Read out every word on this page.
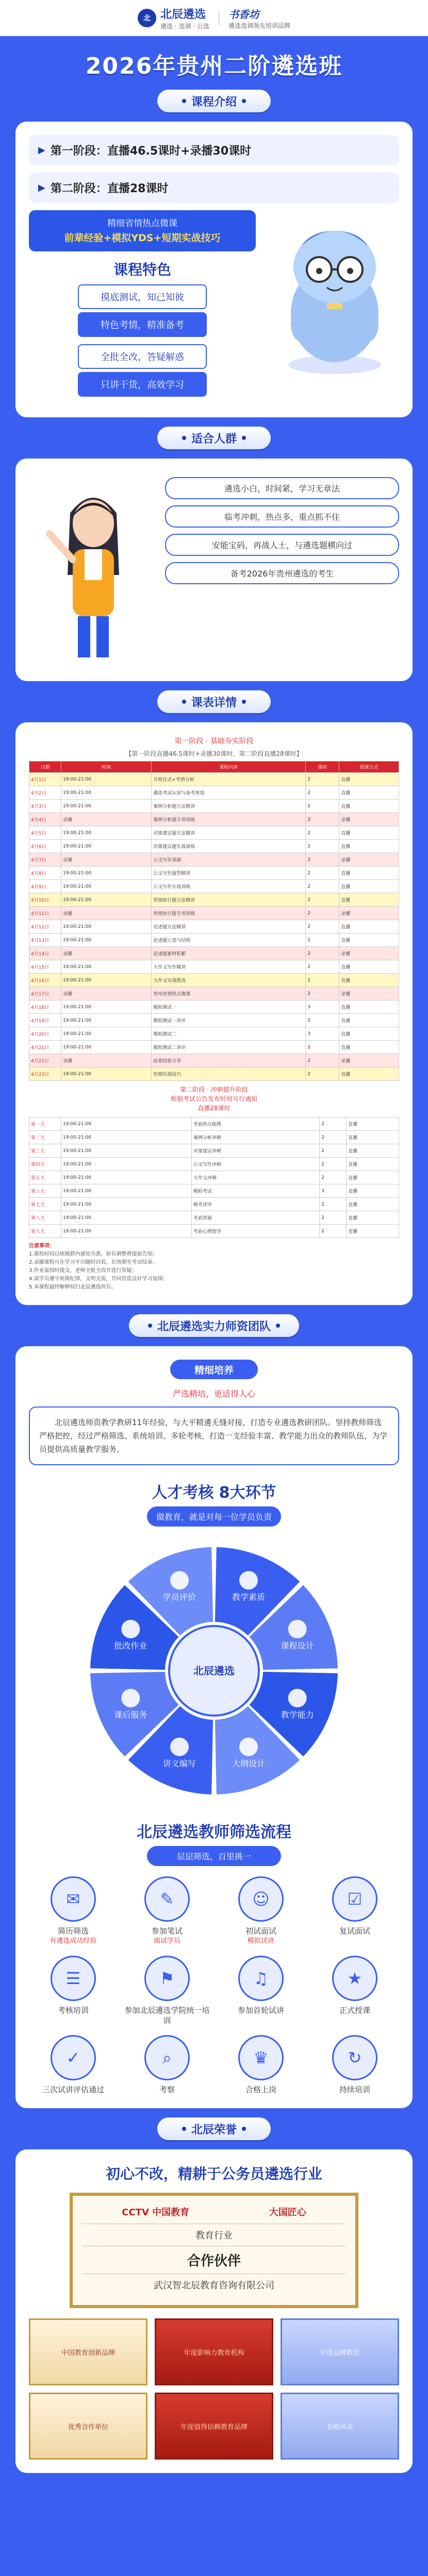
北 北辰遴选
遴选 · 选调 · 公选
书香坊
遴选选调领先培训品牌
2026年贵州二阶遴选班
课程介绍
▶ 第一阶段：直播46.5课时+录播30课时
▶ 第二阶段：直播28课时
精细省情热点微课
前辈经验+模拟YDS+短期实战技巧
课程特色
摸底测试，知己知彼
特色考情，精准备考
全批全改，答疑解惑
只讲干货，高效学习
适合人群
遴选小白，时间紧，学习无章法
临考冲刺，热点多，重点抓不住
安能宝码，再战人士，与遴选题横向过
备考2026年贵州遴选的考生
课表详情
第一阶段 · 基础夯实阶段
【第一阶段直播46.5课时+录播30课时，第二阶段直播28课时】
日期	时间	课程内容	课时	授课方式
4月1日	19:00-21:00	开班仪式+考情分析	2	直播
4月2日	19:00-21:00	遴选考试认知与备考规划	2	直播
4月3日	19:00-21:00	案例分析题方法精讲	2	直播
4月4日	录播	案例分析题专项训练	2	录播
4月5日	19:00-21:00	对策建议题方法精讲	2	直播
4月6日	19:00-21:00	对策建议题实战演练	2	直播
4月7日	录播	公文写作基础	2	录播
4月8日	19:00-21:00	公文写作题型精讲	2	直播
4月9日	19:00-21:00	公文写作实战训练	2	直播
4月10日	19:00-21:00	贯彻执行题方法精讲	2	直播
4月11日	录播	贯彻执行题专项训练	2	录播
4月12日	19:00-21:00	论述题方法精讲	2	直播
4月13日	19:00-21:00	论述题立意与结构	2	直播
4月14日	录播	论述题素材积累	2	录播
4月15日	19:00-21:00	大作文写作精讲	2	直播
4月16日	19:00-21:00	大作文实战批改	2	直播
4月17日	录播	贵州省情热点微课	2	录播
4月18日	19:00-21:00	模拟测试一	3	直播
4月19日	19:00-21:00	模拟测试一讲评	2	直播
4月20日	19:00-21:00	模拟测试二	3	直播
4月21日	19:00-21:00	模拟测试二讲评	2	直播
4月22日	录播	前辈经验分享	2	录播
4月23日	19:00-21:00	短期实战技巧	2	直播
第二阶段 · 冲刺提升阶段
根据考试公告发布时间另行通知
直播28课时
第一天	19:00-21:00	考前热点梳理	2	直播
第二天	19:00-21:00	案例分析冲刺	2	直播
第三天	19:00-21:00	对策建议冲刺	2	直播
第四天	19:00-21:00	公文写作冲刺	2	直播
第五天	19:00-21:00	大作文冲刺	2	直播
第六天	19:00-21:00	模拟考试	3	直播
第七天	19:00-21:00	模考讲评	2	直播
第八天	19:00-21:00	考前答疑	2	直播
第九天	19:00-21:00	考前心理指导	2	直播
注意事项：
1.课程时间以班级群内通知为准，如有调整将提前告知；
2.录播课程可在学习平台随时回看，有效期至考试结束；
3.作业需按时提交，老师全批全改并进行答疑；
4.请学员遵守班级纪律，文明交流，共同营造良好学习氛围；
5.本课程最终解释权归北辰遴选所有。
北辰遴选实力师资团队
精细培养
严选精培，更适得人心
北辰遴选师资教学教研11年经验，与大平精遴无缝对接，打造专业遴选教研团队。坚持教师筛选严格把控，经过严格筛选、系统培训、多轮考核，打造一支经验丰富、教学能力出众的教师队伍，为学员提供高质量教学服务。
人才考核 8大环节
做教育，就是对每一位学员负责
教学素质
课程设计
教学能力
大纲设计
讲义编写
课后服务
批改作业
学员评价
北辰遴选
北辰遴选教师筛选流程
层层筛选，百里挑一
✉
简历筛选
有遴选成功经验
✎
参加笔试
面试学员
☺
初试面试
模拟试讲
☑
复试面试
☰
考核培训
⚑
参加北辰遴选学院统一培训
♫
参加首轮试讲
★
正式授课
✓
三次试讲评估通过
⌕
考察
♛
合格上岗
↻
持续培训
北辰荣誉
初心不改，精耕于公务员遴选行业
CCTV 中国教育	大国匠心
教育行业
合作伙伴
武汉智北辰教育咨询有限公司
中国教育创新品牌	年度影响力教育机构	年度品牌教育
优秀合作单位	年度值得信赖教育品牌	名师风采
